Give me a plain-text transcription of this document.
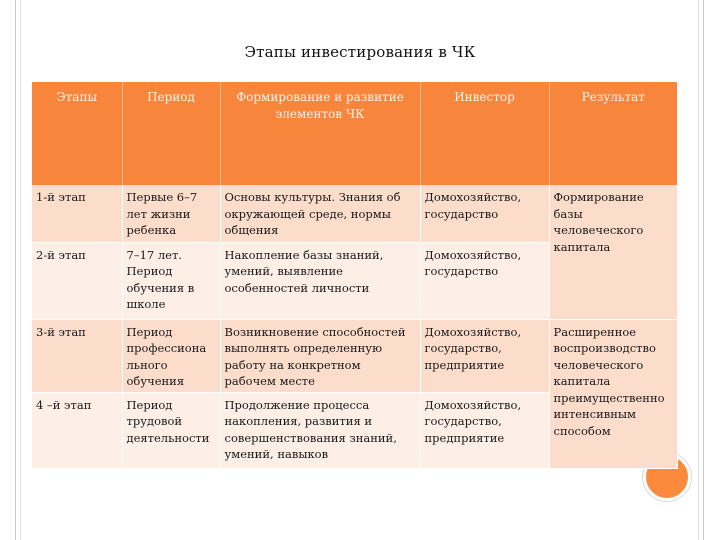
Этапы инвестирования в ЧК
Этапы	Период	Формирование и развитие элементов ЧК	Инвестор	Результат
1-й этап	Первые 6–7 лет жизни ребенка	Основы культуры. Знания об окружающей среде, нормы общения	Домохозяйство, государство	Формирование базы человеческого капитала
2-й этап	7–17 лет. Период обучения в школе	Накопление базы знаний, умений, выявление особенностей личности	Домохозяйство, государство	
3-й этап	Период профессиона льного обучения	Возникновение способностей выполнять определенную работу на конкретном рабочем месте	Домохозяйство, государство, предприятие	Расширенное воспроизводство человеческого капитала преимущественно интенсивным способом
4 –й этап	Период трудовой деятельности	Продолжение процесса накопления, развития и совершенствования знаний, умений, навыков	Домохозяйство, государство, предприятие	
